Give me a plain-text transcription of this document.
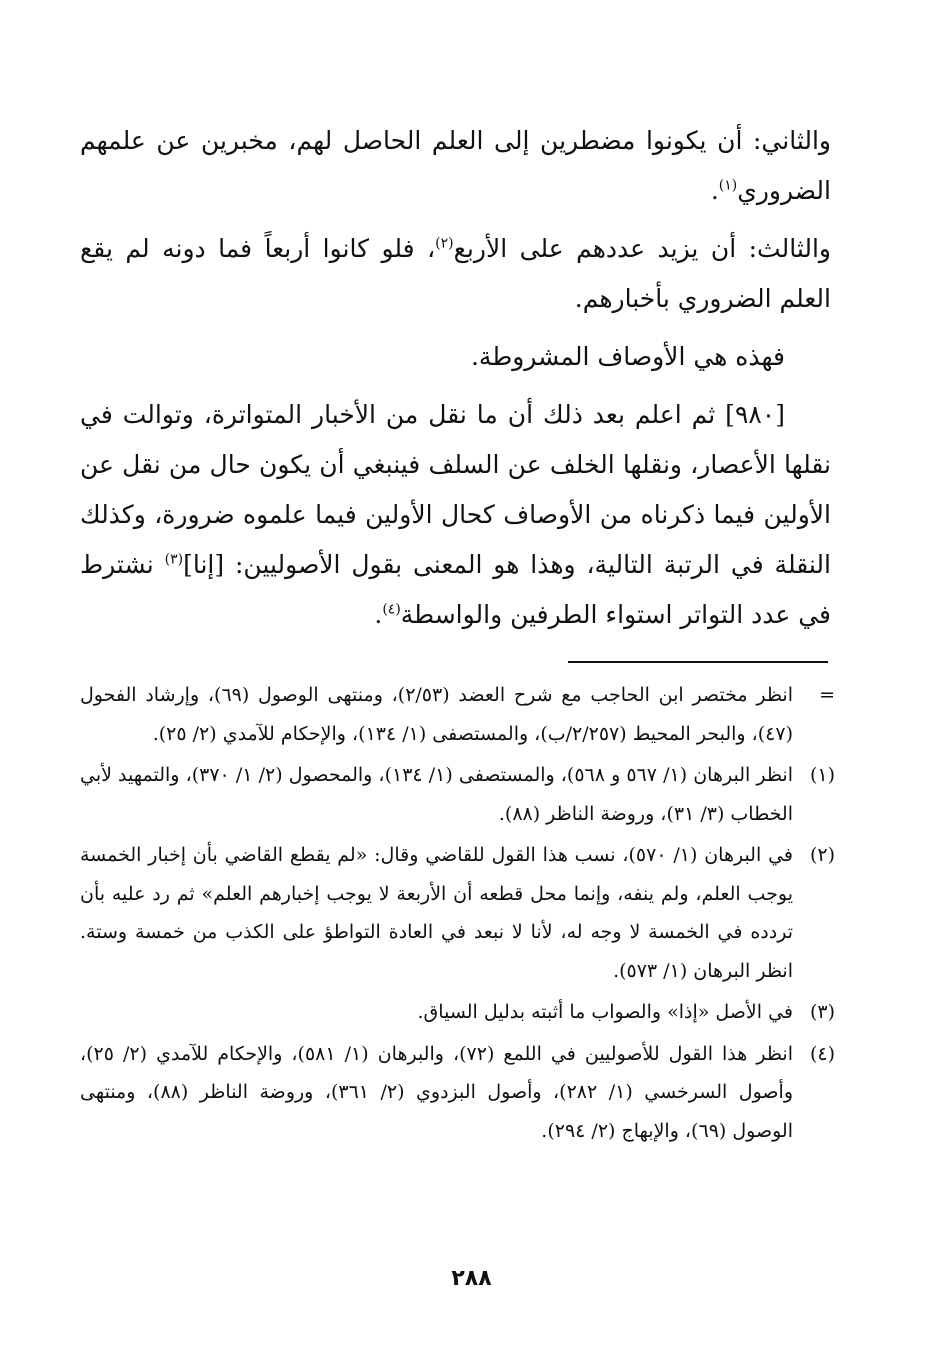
والثاني: أن يكونوا مضطرين إلى العلم الحاصل لهم، مخبرين عن علمهم الضروري$^{(١)}$.

والثالث: أن يزيد عددهم على الأربع$^{(٢)}$، فلو كانوا أربعاً فما دونه لم يقع العلم الضروري بأخبارهم.

فهذه هي الأوصاف المشروطة.

[٩٨٠] ثم اعلم بعد ذلك أن ما نقل من الأخبار المتواترة، وتوالت في نقلها الأعصار، ونقلها الخلف عن السلف فينبغي أن يكون حال من نقل عن الأولين فيما ذكرناه من الأوصاف كحال الأولين فيما علموه ضرورة، وكذلك النقلة في الرتبة التالية، وهذا هو المعنى بقول الأصوليين: [إنا]$^{(٣)}$ نشترط في عدد التواتر استواء الطرفين والواسطة$^{(٤)}$.

=
انظر مختصر ابن الحاجب مع شرح العضد (٢/٥٣)، ومنتهى الوصول (٦٩)، وإرشاد الفحول (٤٧)، والبحر المحيط (٢/٢٥٧/ب)، والمستصفى (١/ ١٣٤)، والإحكام للآمدي (٢/ ٢٥).
(١)
انظر البرهان (١/ ٥٦٧ و ٥٦٨)، والمستصفى (١/ ١٣٤)، والمحصول (٢/ ١/ ٣٧٠)، والتمهيد لأبي الخطاب (٣/ ٣١)، وروضة الناظر (٨٨).
(٢)
في البرهان (١/ ٥٧٠)، نسب هذا القول للقاضي وقال: «لم يقطع القاضي بأن إخبار الخمسة يوجب العلم، ولم ينفه، وإنما محل قطعه أن الأربعة لا يوجب إخبارهم العلم» ثم رد عليه بأن تردده في الخمسة لا وجه له، لأنا لا نبعد في العادة التواطؤ على الكذب من خمسة وستة. انظر البرهان (١/ ٥٧٣).
(٣)
في الأصل «إذا» والصواب ما أثبته بدليل السياق.
(٤)
انظر هذا القول للأصوليين في اللمع (٧٢)، والبرهان (١/ ٥٨١)، والإحكام للآمدي (٢/ ٢٥)، وأصول السرخسي (١/ ٢٨٢)، وأصول البزدوي (٢/ ٣٦١)، وروضة الناظر (٨٨)، ومنتهى الوصول (٦٩)، والإبهاج (٢/ ٢٩٤).
٢٨٨
